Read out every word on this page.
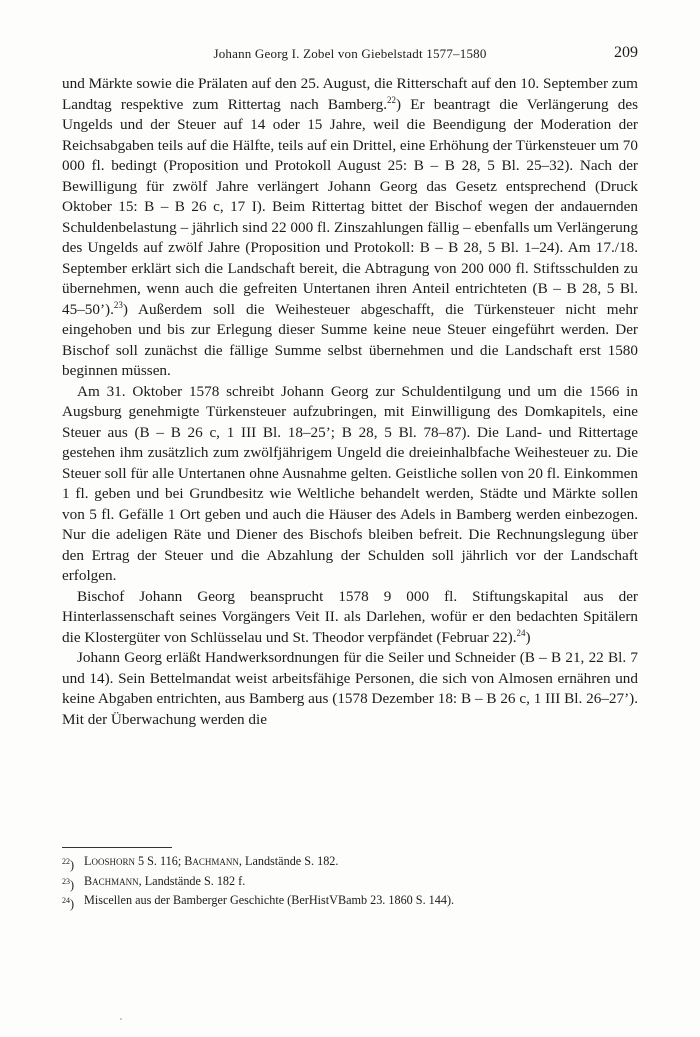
Johann Georg I. Zobel von Giebelstadt 1577–1580	209

und Märkte sowie die Prälaten auf den 25. August, die Ritterschaft auf den 10. September zum Landtag respektive zum Rittertag nach Bamberg.$^{22}$) Er beantragt die Verlängerung des Ungelds und der Steuer auf 14 oder 15 Jahre, weil die Beendigung der Moderation der Reichsabgaben teils auf die Hälfte, teils auf ein Drittel, eine Erhöhung der Türkensteuer um 70 000 fl. bedingt (Proposition und Protokoll August 25: B – B 28, 5 Bl. 25–32). Nach der Bewilligung für zwölf Jahre verlängert Johann Georg das Gesetz entsprechend (Druck Oktober 15: B – B 26 c, 17 I). Beim Rittertag bittet der Bischof wegen der andauernden Schuldenbelastung – jährlich sind 22 000 fl. Zinszahlungen fällig – ebenfalls um Verlängerung des Ungelds auf zwölf Jahre (Proposition und Protokoll: B – B 28, 5 Bl. 1–24). Am 17./18. September erklärt sich die Landschaft bereit, die Abtragung von 200 000 fl. Stiftsschulden zu übernehmen, wenn auch die gefreiten Untertanen ihren Anteil entrichteten (B – B 28, 5 Bl. 45–50’).$^{23}$) Außerdem soll die Weihesteuer abgeschafft, die Türkensteuer nicht mehr eingehoben und bis zur Erlegung dieser Summe keine neue Steuer eingeführt werden. Der Bischof soll zunächst die fällige Summe selbst übernehmen und die Landschaft erst 1580 beginnen müssen.

Am 31. Oktober 1578 schreibt Johann Georg zur Schuldentilgung und um die 1566 in Augsburg genehmigte Türkensteuer aufzubringen, mit Einwilligung des Domkapitels, eine Steuer aus (B – B 26 c, 1 III Bl. 18–25’; B 28, 5 Bl. 78–87). Die Land- und Rittertage gestehen ihm zusätzlich zum zwölfjährigem Ungeld die dreieinhalbfache Weihesteuer zu. Die Steuer soll für alle Untertanen ohne Ausnahme gelten. Geistliche sollen von 20 fl. Einkommen 1 fl. geben und bei Grundbesitz wie Weltliche behandelt werden, Städte und Märkte sollen von 5 fl. Gefälle 1 Ort geben und auch die Häuser des Adels in Bamberg werden einbezogen. Nur die adeligen Räte und Diener des Bischofs bleiben befreit. Die Rechnungslegung über den Ertrag der Steuer und die Abzahlung der Schulden soll jährlich vor der Landschaft erfolgen.

Bischof Johann Georg beansprucht 1578 9 000 fl. Stiftungskapital aus der Hinterlassenschaft seines Vorgängers Veit II. als Darlehen, wofür er den bedachten Spitälern die Klostergüter von Schlüsselau und St. Theodor verpfändet (Februar 22).$^{24}$)

Johann Georg erläßt Handwerksordnungen für die Seiler und Schneider (B – B 21, 22 Bl. 7 und 14). Sein Bettelmandat weist arbeitsfähige Personen, die sich von Almosen ernähren und keine Abgaben entrichten, aus Bamberg aus (1578 Dezember 18: B – B 26 c, 1 III Bl. 26–27’). Mit der Überwachung werden die

$^{22}$) Looshorn 5 S. 116; Bachmann, Landstände S. 182.
$^{23}$) Bachmann, Landstände S. 182 f.
$^{24}$) Miscellen aus der Bamberger Geschichte (BerHistVBamb 23. 1860 S. 144).
